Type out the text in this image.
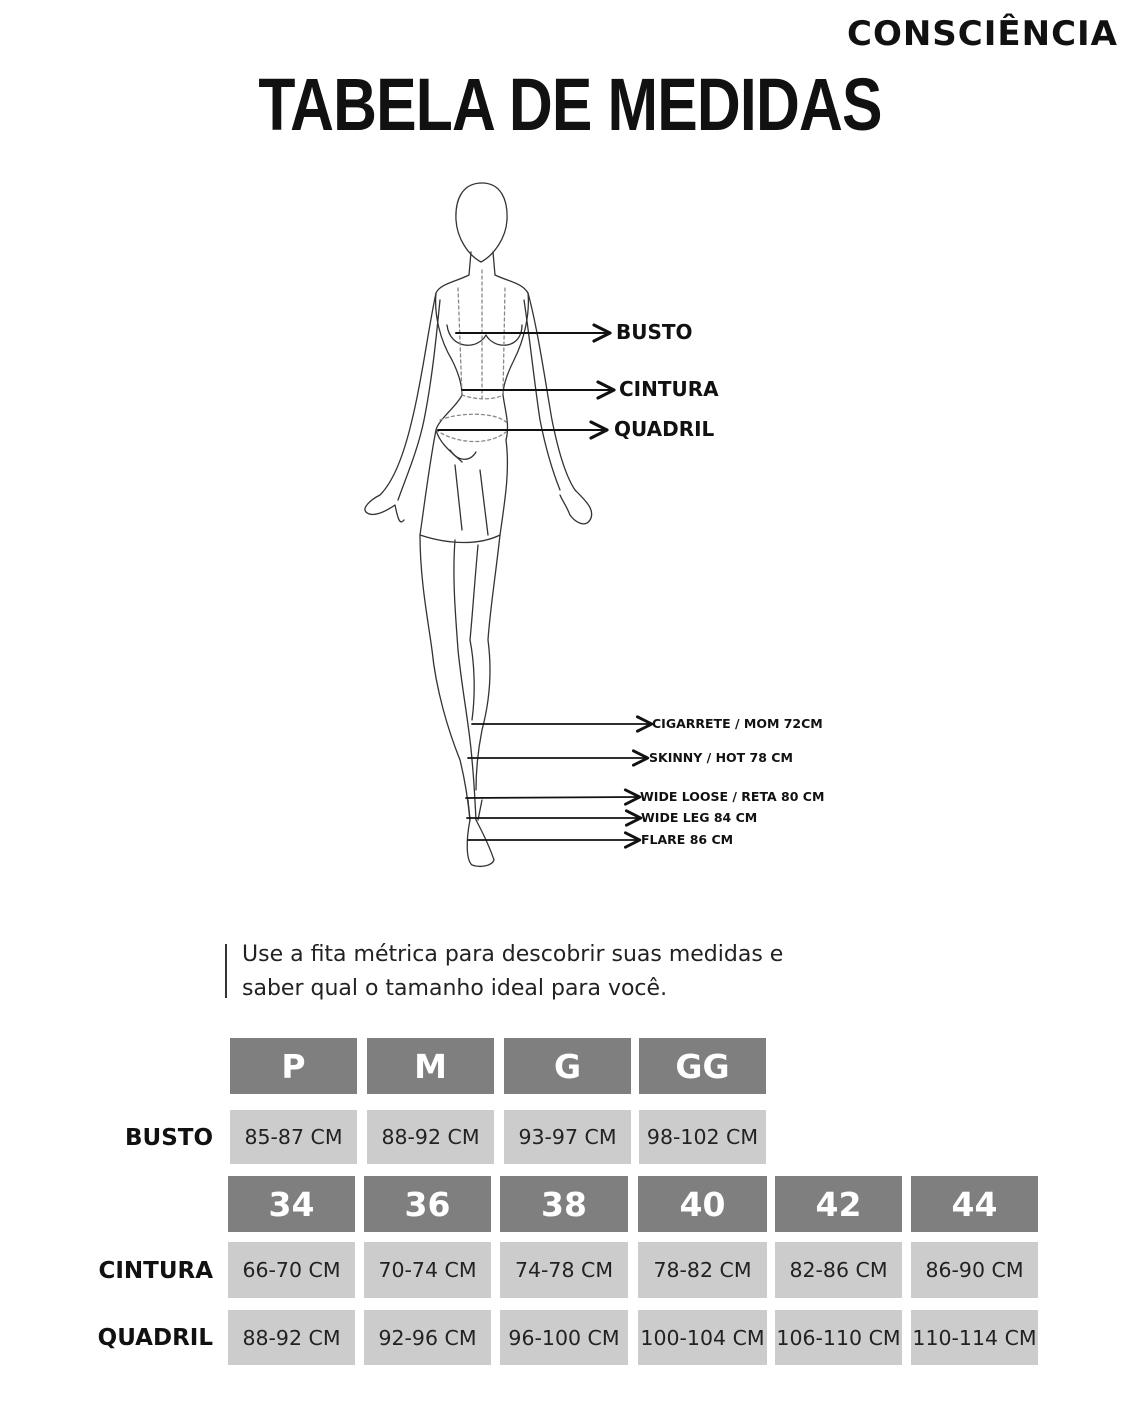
CONSCIÊNCIA
TABELA DE MEDIDAS
BUSTO
CINTURA
QUADRIL
CIGARRETE / MOM 72CM
SKINNY / HOT 78 CM
WIDE LOOSE / RETA 80 CM
WIDE LEG 84 CM
FLARE 86 CM
Use a fita métrica para descobrir suas medidas e
saber qual o tamanho ideal para você.
P	M	G	GG
BUSTO	85-87 CM	88-92 CM	93-97 CM	98-102 CM
34	36	38	40	42	44
CINTURA	66-70 CM	70-74 CM	74-78 CM	78-82 CM	82-86 CM	86-90 CM
QUADRIL	88-92 CM	92-96 CM	96-100 CM	100-104 CM 106-110 CM 110-114 CM
